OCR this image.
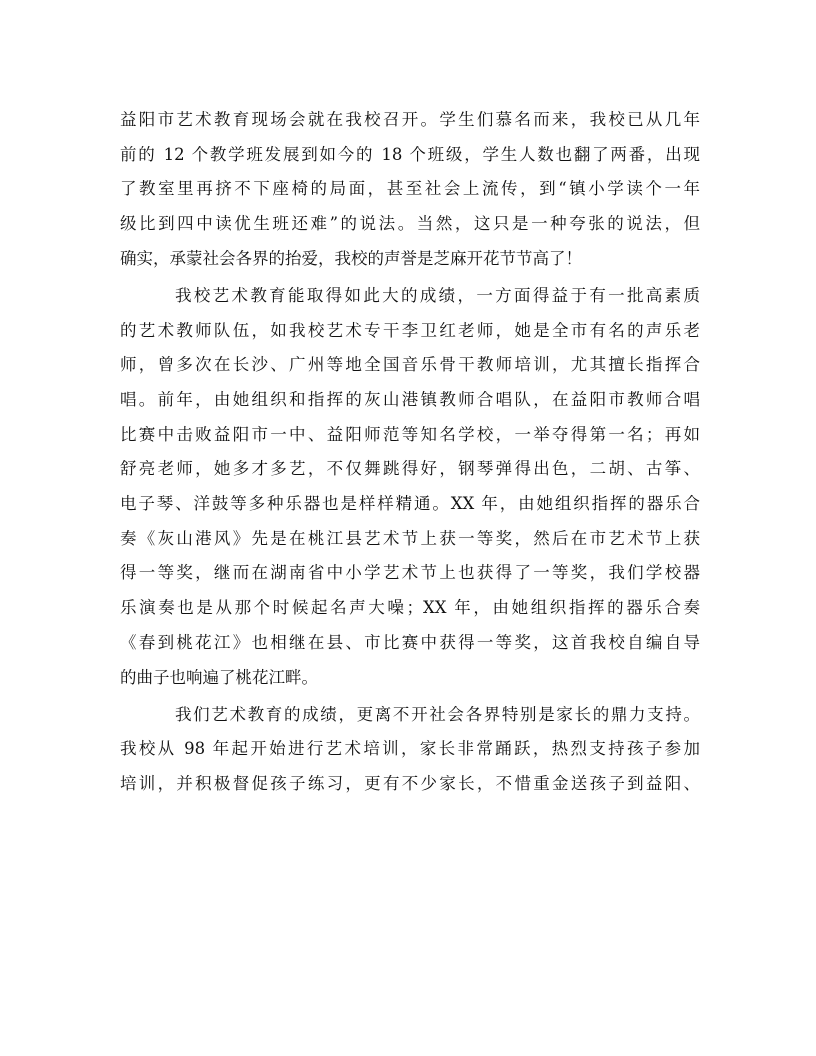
益阳市艺术教育现场会就在我校召开。学生们慕名而来，我校已从几年
前的 12 个教学班发展到如今的 18 个班级，学生人数也翻了两番，出现
了教室里再挤不下座椅的局面，甚至社会上流传，到“镇小学读个一年
级比到四中读优生班还难”的说法。当然，这只是一种夸张的说法，但
确实，承蒙社会各界的抬爱，我校的声誉是芝麻开花节节高了！
我校艺术教育能取得如此大的成绩，一方面得益于有一批高素质
的艺术教师队伍，如我校艺术专干李卫红老师，她是全市有名的声乐老
师，曾多次在长沙、广州等地全国音乐骨干教师培训，尤其擅长指挥合
唱。前年，由她组织和指挥的灰山港镇教师合唱队，在益阳市教师合唱
比赛中击败益阳市一中、益阳师范等知名学校，一举夺得第一名；再如
舒亮老师，她多才多艺，不仅舞跳得好，钢琴弹得出色，二胡、古筝、
电子琴、洋鼓等多种乐器也是样样精通。XX 年，由她组织指挥的器乐合
奏《灰山港风》先是在桃江县艺术节上获一等奖，然后在市艺术节上获
得一等奖，继而在湖南省中小学艺术节上也获得了一等奖，我们学校器
乐演奏也是从那个时候起名声大噪；XX 年，由她组织指挥的器乐合奏
《春到桃花江》也相继在县、市比赛中获得一等奖，这首我校自编自导
的曲子也响遍了桃花江畔。
我们艺术教育的成绩，更离不开社会各界特别是家长的鼎力支持。
我校从 98 年起开始进行艺术培训，家长非常踊跃，热烈支持孩子参加
培训，并积极督促孩子练习，更有不少家长，不惜重金送孩子到益阳、
